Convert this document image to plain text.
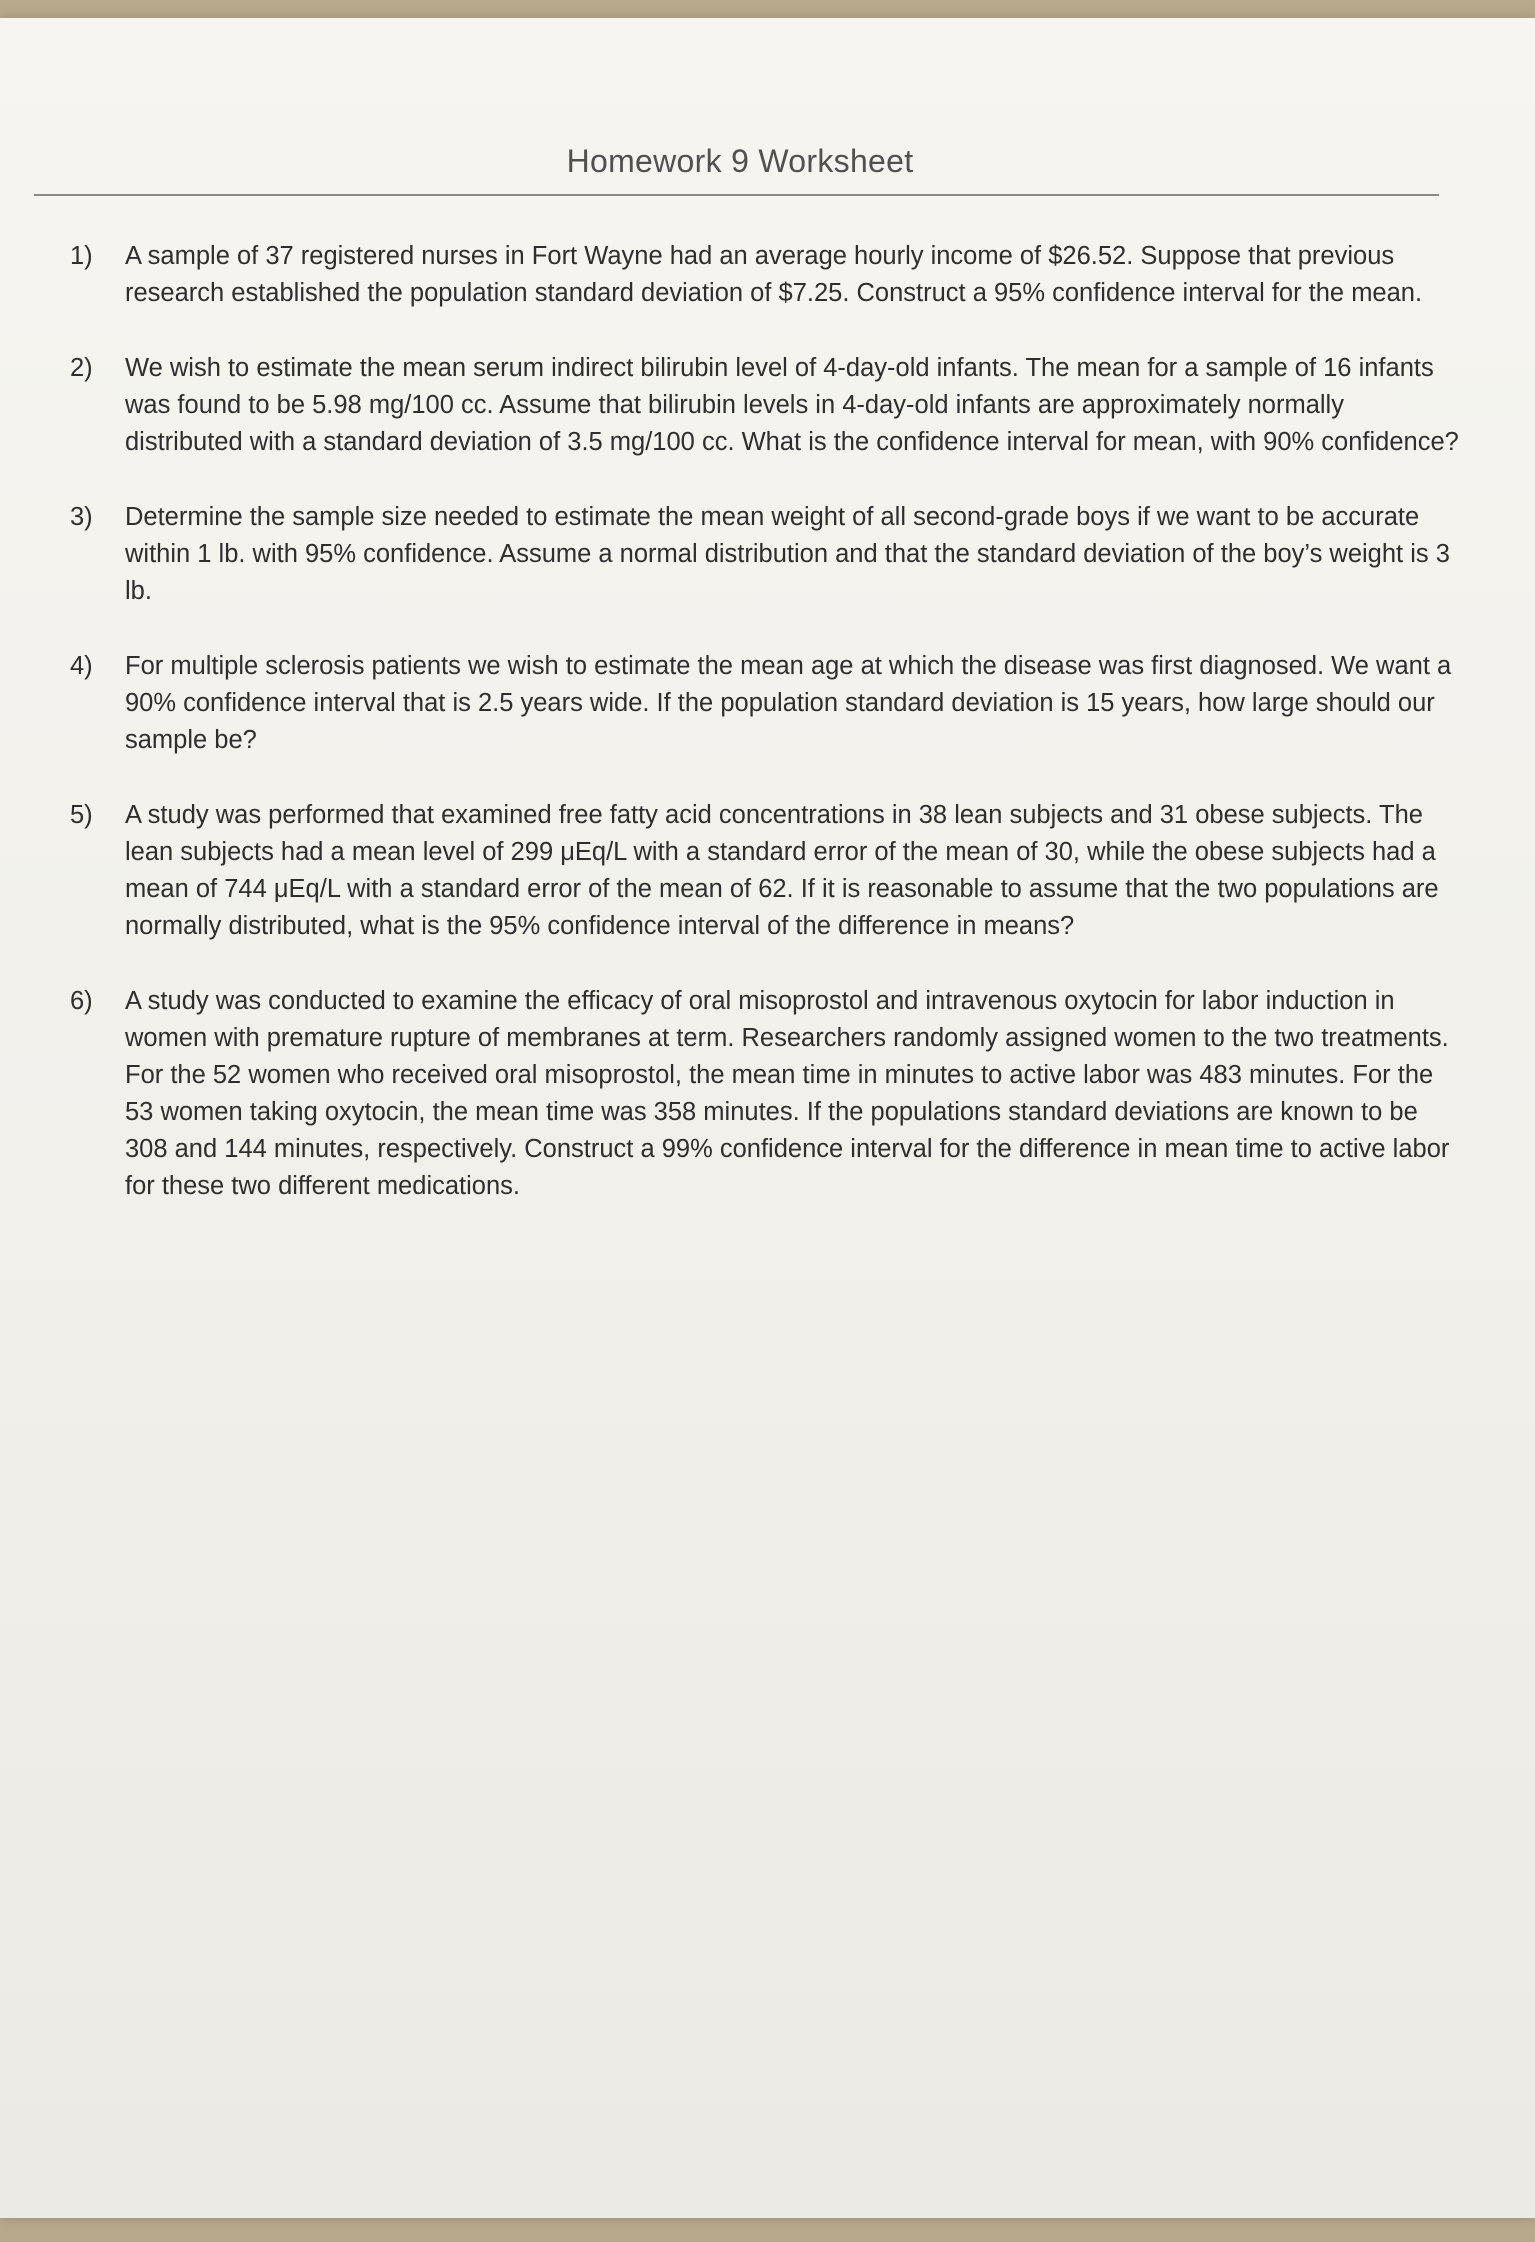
Homework 9 Worksheet
1) A sample of 37 registered nurses in Fort Wayne had an average hourly income of $26.52. Suppose that previous research established the population standard deviation of $7.25. Construct a 95% confidence interval for the mean.
2) We wish to estimate the mean serum indirect bilirubin level of 4-day-old infants. The mean for a sample of 16 infants was found to be 5.98 mg/100 cc. Assume that bilirubin levels in 4-day-old infants are approximately normally distributed with a standard deviation of 3.5 mg/100 cc. What is the confidence interval for mean, with 90% confidence?
3) Determine the sample size needed to estimate the mean weight of all second-grade boys if we want to be accurate within 1 lb. with 95% confidence. Assume a normal distribution and that the standard deviation of the boy’s weight is 3 lb.
4) For multiple sclerosis patients we wish to estimate the mean age at which the disease was first diagnosed. We want a 90% confidence interval that is 2.5 years wide. If the population standard deviation is 15 years, how large should our sample be?
5) A study was performed that examined free fatty acid concentrations in 38 lean subjects and 31 obese subjects. The lean subjects had a mean level of 299 μEq/L with a standard error of the mean of 30, while the obese subjects had a mean of 744 μEq/L with a standard error of the mean of 62. If it is reasonable to assume that the two populations are normally distributed, what is the 95% confidence interval of the difference in means?
6) A study was conducted to examine the efficacy of oral misoprostol and intravenous oxytocin for labor induction in women with premature rupture of membranes at term. Researchers randomly assigned women to the two treatments. For the 52 women who received oral misoprostol, the mean time in minutes to active labor was 483 minutes. For the 53 women taking oxytocin, the mean time was 358 minutes. If the populations standard deviations are known to be 308 and 144 minutes, respectively. Construct a 99% confidence interval for the difference in mean time to active labor for these two different medications.
